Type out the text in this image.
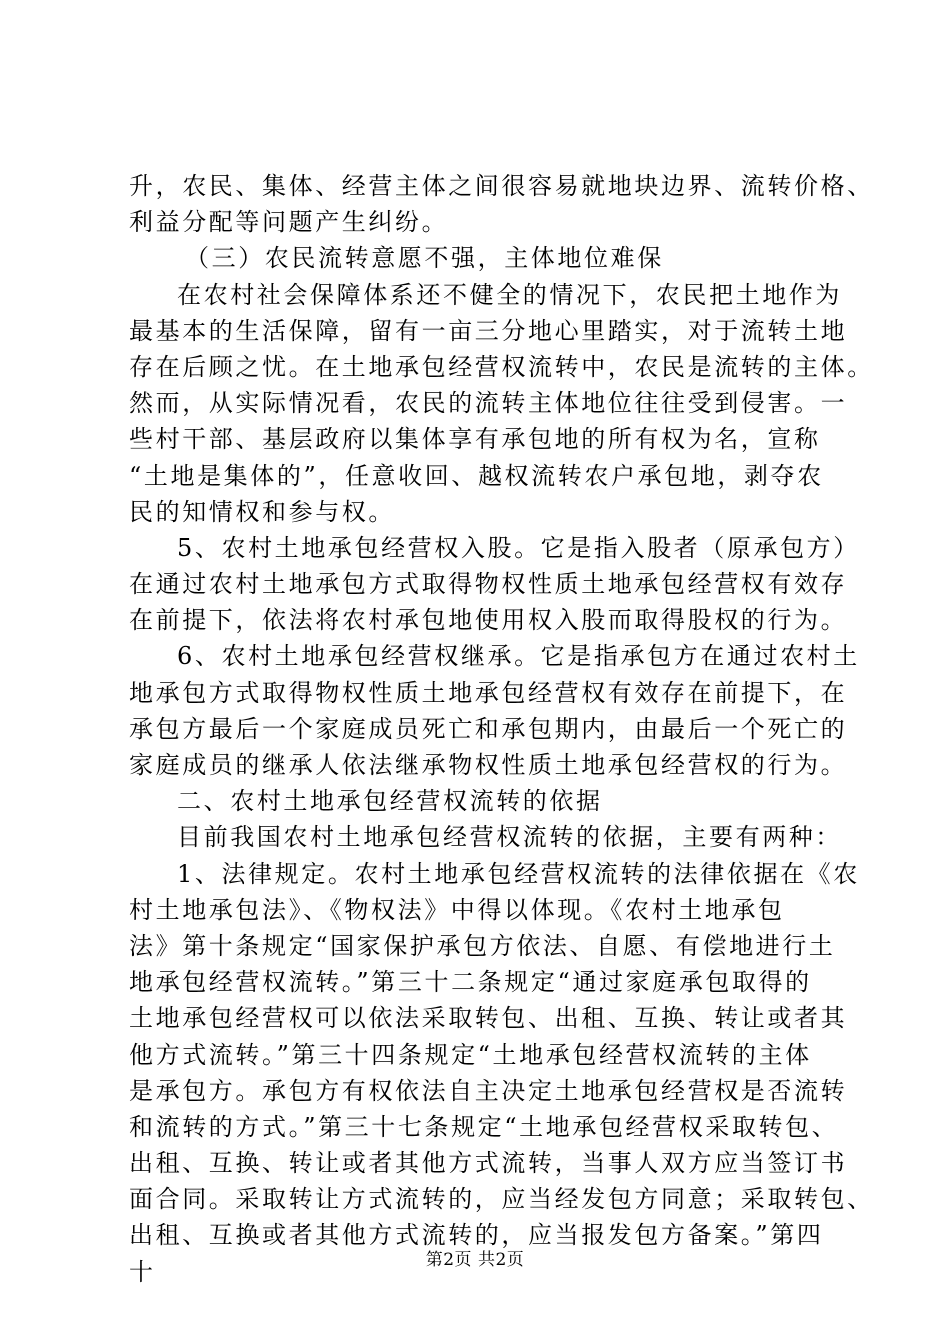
升，农民、集体、经营主体之间很容易就地块边界、流转价格、
利益分配等问题产生纠纷。
（三）农民流转意愿不强，主体地位难保
在农村社会保障体系还不健全的情况下，农民把土地作为
最基本的生活保障，留有一亩三分地心里踏实，对于流转土地
存在后顾之忧。在土地承包经营权流转中，农民是流转的主体。
然而，从实际情况看，农民的流转主体地位往往受到侵害。一
些村干部、基层政府以集体享有承包地的所有权为名，宣称
“土地是集体的”，任意收回、越权流转农户承包地，剥夺农
民的知情权和参与权。
5、农村土地承包经营权入股。它是指入股者（原承包方）
在通过农村土地承包方式取得物权性质土地承包经营权有效存
在前提下，依法将农村承包地使用权入股而取得股权的行为。
6、农村土地承包经营权继承。它是指承包方在通过农村土
地承包方式取得物权性质土地承包经营权有效存在前提下，在
承包方最后一个家庭成员死亡和承包期内，由最后一个死亡的
家庭成员的继承人依法继承物权性质土地承包经营权的行为。
二、农村土地承包经营权流转的依据
目前我国农村土地承包经营权流转的依据，主要有两种：
1、法律规定。农村土地承包经营权流转的法律依据在《农
村土地承包法》、《物权法》中得以体现。《农村土地承包
法》第十条规定“国家保护承包方依法、自愿、有偿地进行土
地承包经营权流转。”第三十二条规定“通过家庭承包取得的
土地承包经营权可以依法采取转包、出租、互换、转让或者其
他方式流转。”第三十四条规定“土地承包经营权流转的主体
是承包方。承包方有权依法自主决定土地承包经营权是否流转
和流转的方式。”第三十七条规定“土地承包经营权采取转包、
出租、互换、转让或者其他方式流转，当事人双方应当签订书
面合同。采取转让方式流转的，应当经发包方同意；采取转包、
出租、互换或者其他方式流转的，应当报发包方备案。”第四
十	第2页 共2页
